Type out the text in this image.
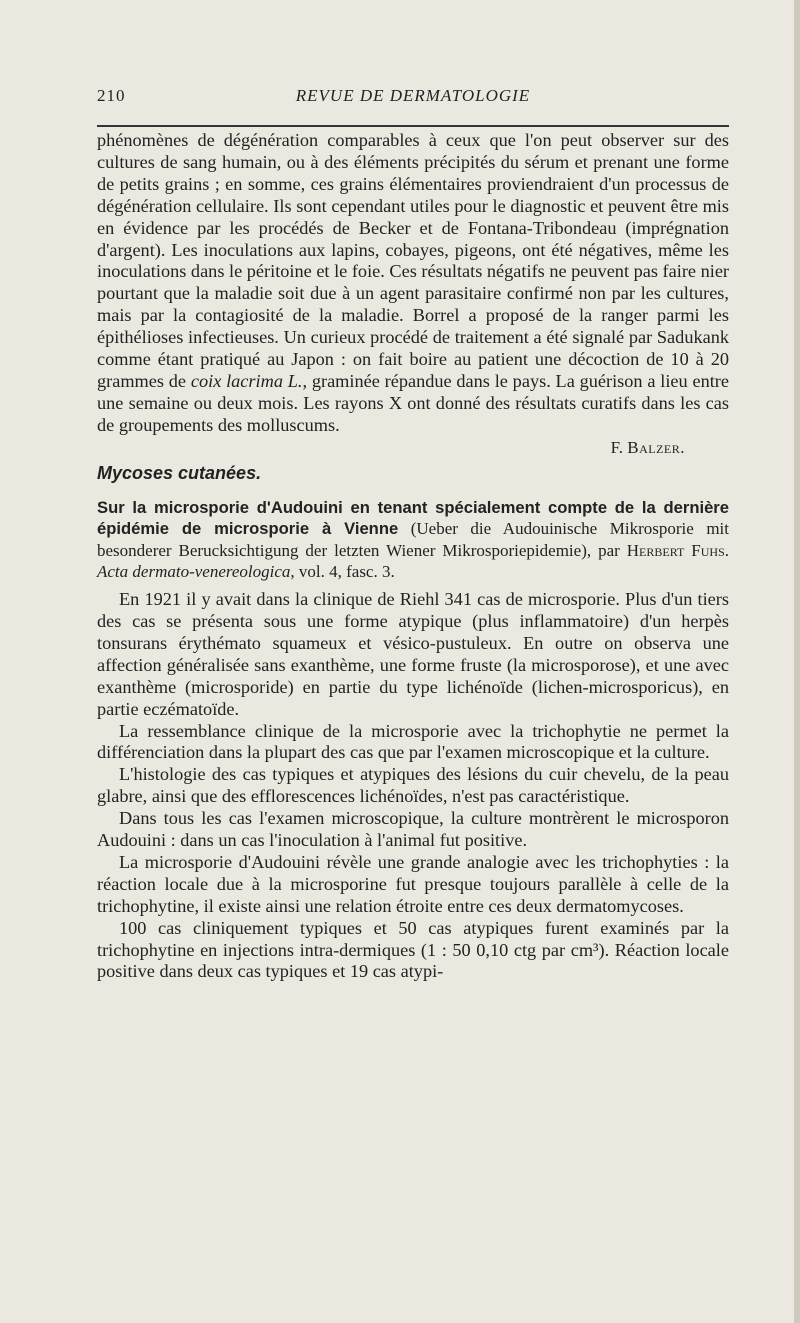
210	REVUE DE DERMATOLOGIE

phénomènes de dégénération comparables à ceux que l'on peut observer sur des cultures de sang humain, ou à des éléments précipités du sérum et prenant une forme de petits grains ; en somme, ces grains élémentaires proviendraient d'un processus de dégénération cellulaire. Ils sont cependant utiles pour le diagnostic et peuvent être mis en évidence par les procédés de Becker et de Fontana-Tribondeau (imprégnation d'argent). Les inoculations aux lapins, cobayes, pigeons, ont été négatives, même les inoculations dans le péritoine et le foie. Ces résultats négatifs ne peuvent pas faire nier pourtant que la maladie soit due à un agent parasitaire confirmé non par les cultures, mais par la contagiosité de la maladie. Borrel a proposé de la ranger parmi les épithélioses infectieuses. Un curieux procédé de traitement a été signalé par Sadukank comme étant pratiqué au Japon : on fait boire au patient une décoction de 10 à 20 grammes de coix lacrima L., graminée répandue dans le pays. La guérison a lieu entre une semaine ou deux mois. Les rayons X ont donné des résultats curatifs dans les cas de groupements des molluscums.

F. Balzer.

Mycoses cutanées.

Sur la microsporie d'Audouini en tenant spécialement compte de la dernière épidémie de microsporie à Vienne (Ueber die Audouinische Mikrosporie mit besonderer Berucksichtigung der letzten Wiener Mikrosporiepidemie), par Herbert Fuhs. Acta dermato-venereologica, vol. 4, fasc. 3.

En 1921 il y avait dans la clinique de Riehl 341 cas de microsporie. Plus d'un tiers des cas se présenta sous une forme atypique (plus inflammatoire) d'un herpès tonsurans érythémato squameux et vésico-pustuleux. En outre on observa une affection généralisée sans exanthème, une forme fruste (la microsporose), et une avec exanthème (microsporide) en partie du type lichénoïde (lichen-microsporicus), en partie eczématoïde.

La ressemblance clinique de la microsporie avec la trichophytie ne permet la différenciation dans la plupart des cas que par l'examen microscopique et la culture.

L'histologie des cas typiques et atypiques des lésions du cuir chevelu, de la peau glabre, ainsi que des efflorescences lichénoïdes, n'est pas caractéristique.

Dans tous les cas l'examen microscopique, la culture montrèrent le microsporon Audouini : dans un cas l'inoculation à l'animal fut positive.

La microsporie d'Audouini révèle une grande analogie avec les trichophyties : la réaction locale due à la microsporine fut presque toujours parallèle à celle de la trichophytine, il existe ainsi une relation étroite entre ces deux dermatomycoses.

100 cas cliniquement typiques et 50 cas atypiques furent examinés par la trichophytine en injections intra-dermiques (1 : 50 0,10 ctg par cm³). Réaction locale positive dans deux cas typiques et 19 cas atypi-
